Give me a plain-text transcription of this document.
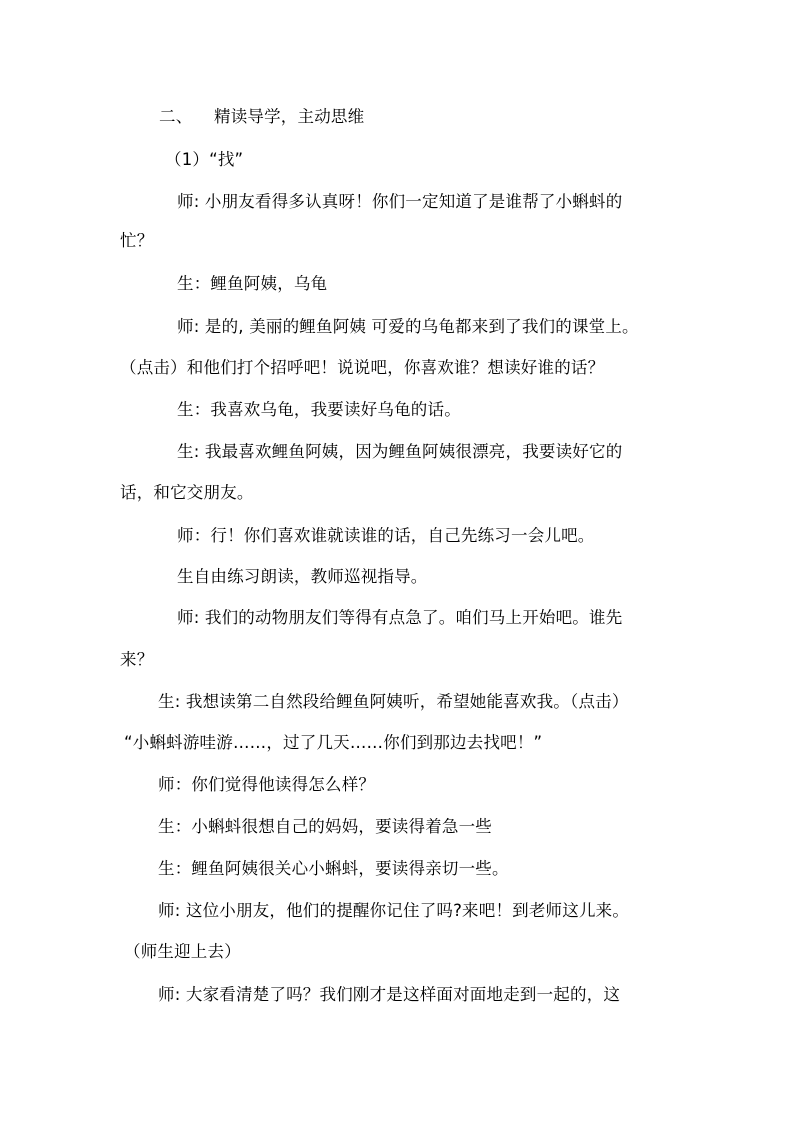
二、 精读导学，主动思维
（1）“找”
师: 小朋友看得多认真呀！你们一定知道了是谁帮了小蝌蚪的
忙？
生：鲤鱼阿姨，乌龟
师: 是的, 美丽的鲤鱼阿姨 可爱的乌龟都来到了我们的课堂上。
（点击）和他们打个招呼吧！说说吧，你喜欢谁？想读好谁的话？
生：我喜欢乌龟，我要读好乌龟的话。
生: 我最喜欢鲤鱼阿姨，因为鲤鱼阿姨很漂亮，我要读好它的
话，和它交朋友。
师：行！你们喜欢谁就读谁的话，自己先练习一会儿吧。
生自由练习朗读，教师巡视指导。
师: 我们的动物朋友们等得有点急了。咱们马上开始吧。谁先
来？
生: 我想读第二自然段给鲤鱼阿姨听，希望她能喜欢我。（点击）
“小蝌蚪游哇游……，过了几天……你们到那边去找吧！”
师：你们觉得他读得怎么样？
生：小蝌蚪很想自己的妈妈，要读得着急一些
生：鲤鱼阿姨很关心小蝌蚪，要读得亲切一些。
师: 这位小朋友，他们的提醒你记住了吗?来吧！到老师这儿来。
（师生迎上去）
师: 大家看清楚了吗？我们刚才是这样面对面地走到一起的，这
